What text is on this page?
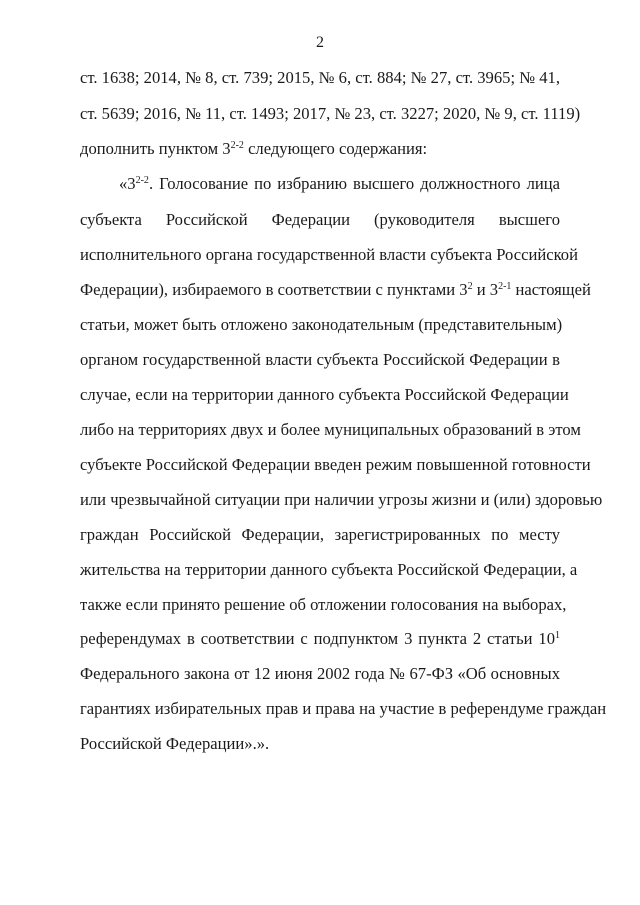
2
ст. 1638; 2014, № 8, ст. 739; 2015, № 6, ст. 884; № 27, ст. 3965; № 41,
ст. 5639; 2016, № 11, ст. 1493; 2017, № 23, ст. 3227; 2020, № 9, ст. 1119)
дополнить пунктом 3$^{2-2}$ следующего содержания:
«3$^{2-2}$. Голосование по избранию высшего должностного лица
субъекта Российской Федерации (руководителя высшего
исполнительного органа государственной власти субъекта Российской
Федерации), избираемого в соответствии с пунктами $3^2$ и 3$^{2-1}$ настоящей
статьи, может быть отложено законодательным (представительным)
органом государственной власти субъекта Российской Федерации в
случае, если на территории данного субъекта Российской Федерации
либо на территориях двух и более муниципальных образований в этом
субъекте Российской Федерации введен режим повышенной готовности
или чрезвычайной ситуации при наличии угрозы жизни и (или) здоровью
граждан Российской Федерации, зарегистрированных по месту
жительства на территории данного субъекта Российской Федерации, а
также если принято решение об отложении голосования на выборах,
референдумах в соответствии с подпунктом 3 пункта 2 статьи $10^1$
Федерального закона от 12 июня 2002 года № 67-ФЗ «Об основных
гарантиях избирательных прав и права на участие в референдуме граждан
Российской Федерации».».
